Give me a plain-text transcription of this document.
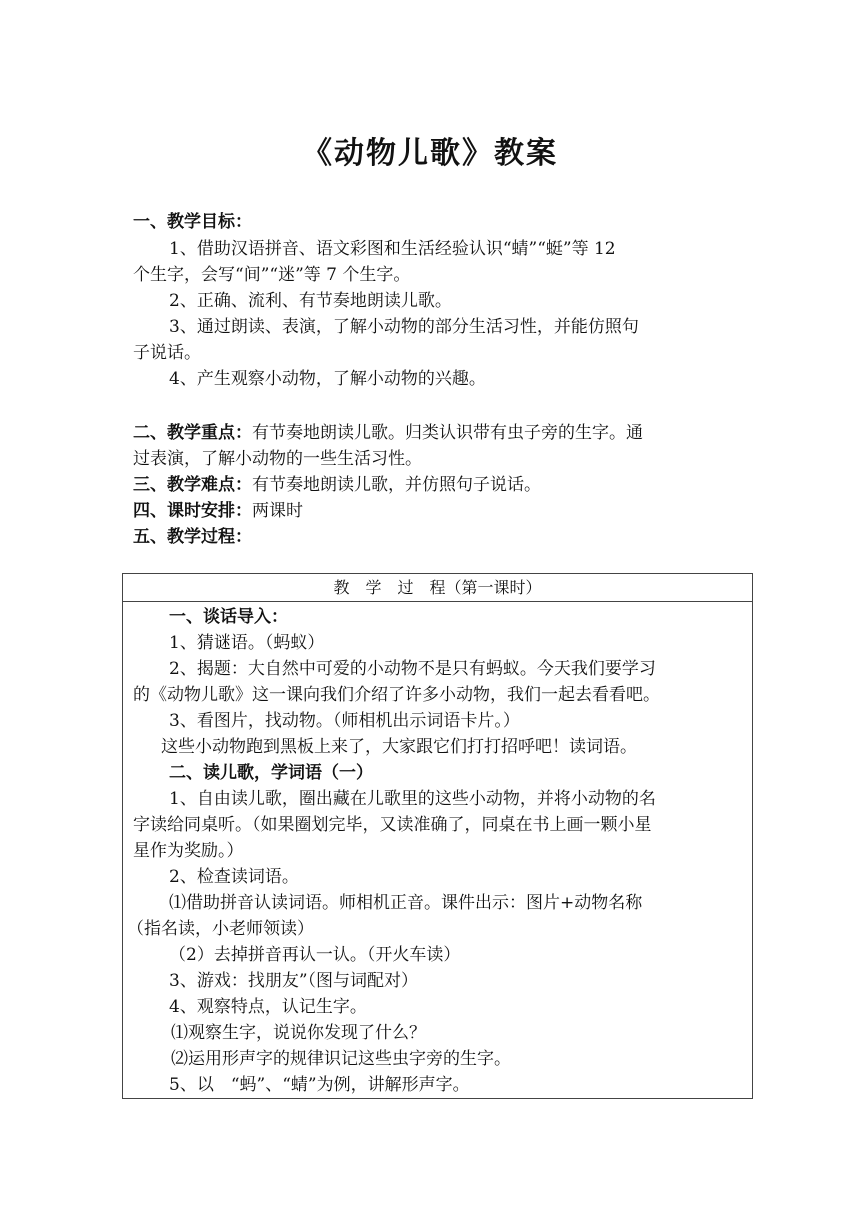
《动物儿歌》教案
一、教学目标：
1、借助汉语拼音、语文彩图和生活经验认识“蜻”“蜓”等 12
个生字，会写“间”“迷”等 7 个生字。
2、正确、流利、有节奏地朗读儿歌。
3、通过朗读、表演，了解小动物的部分生活习性，并能仿照句
子说话。
4、产生观察小动物，了解小动物的兴趣。
二、教学重点：有节奏地朗读儿歌。归类认识带有虫子旁的生字。通
过表演，了解小动物的一些生活习性。
三、教学难点：有节奏地朗读儿歌，并仿照句子说话。
四、课时安排：两课时
五、教学过程：
教　学　过　程（第一课时）
一、谈话导入：
1、猜谜语。（蚂蚁）
2、揭题：大自然中可爱的小动物不是只有蚂蚁。今天我们要学习
的《动物儿歌》这一课向我们介绍了许多小动物，我们一起去看看吧。
3、看图片，找动物。（师相机出示词语卡片。）
这些小动物跑到黑板上来了，大家跟它们打打招呼吧！读词语。
二、读儿歌，学词语（一）
1、自由读儿歌，圈出藏在儿歌里的这些小动物，并将小动物的名
字读给同桌听。（如果圈划完毕，又读准确了，同桌在书上画一颗小星
星作为奖励。）
2、检查读词语。
⑴借助拼音认读词语。师相机正音。课件出示：图片+动物名称
（指名读，小老师领读）
（2）去掉拼音再认一认。（开火车读）
3、游戏：找朋友”（图与词配对）
4、观察特点，认记生字。
⑴观察生字，说说你发现了什么？
⑵运用形声字的规律识记这些虫字旁的生字。
5、以　“蚂”、“蜻”为例，讲解形声字。
